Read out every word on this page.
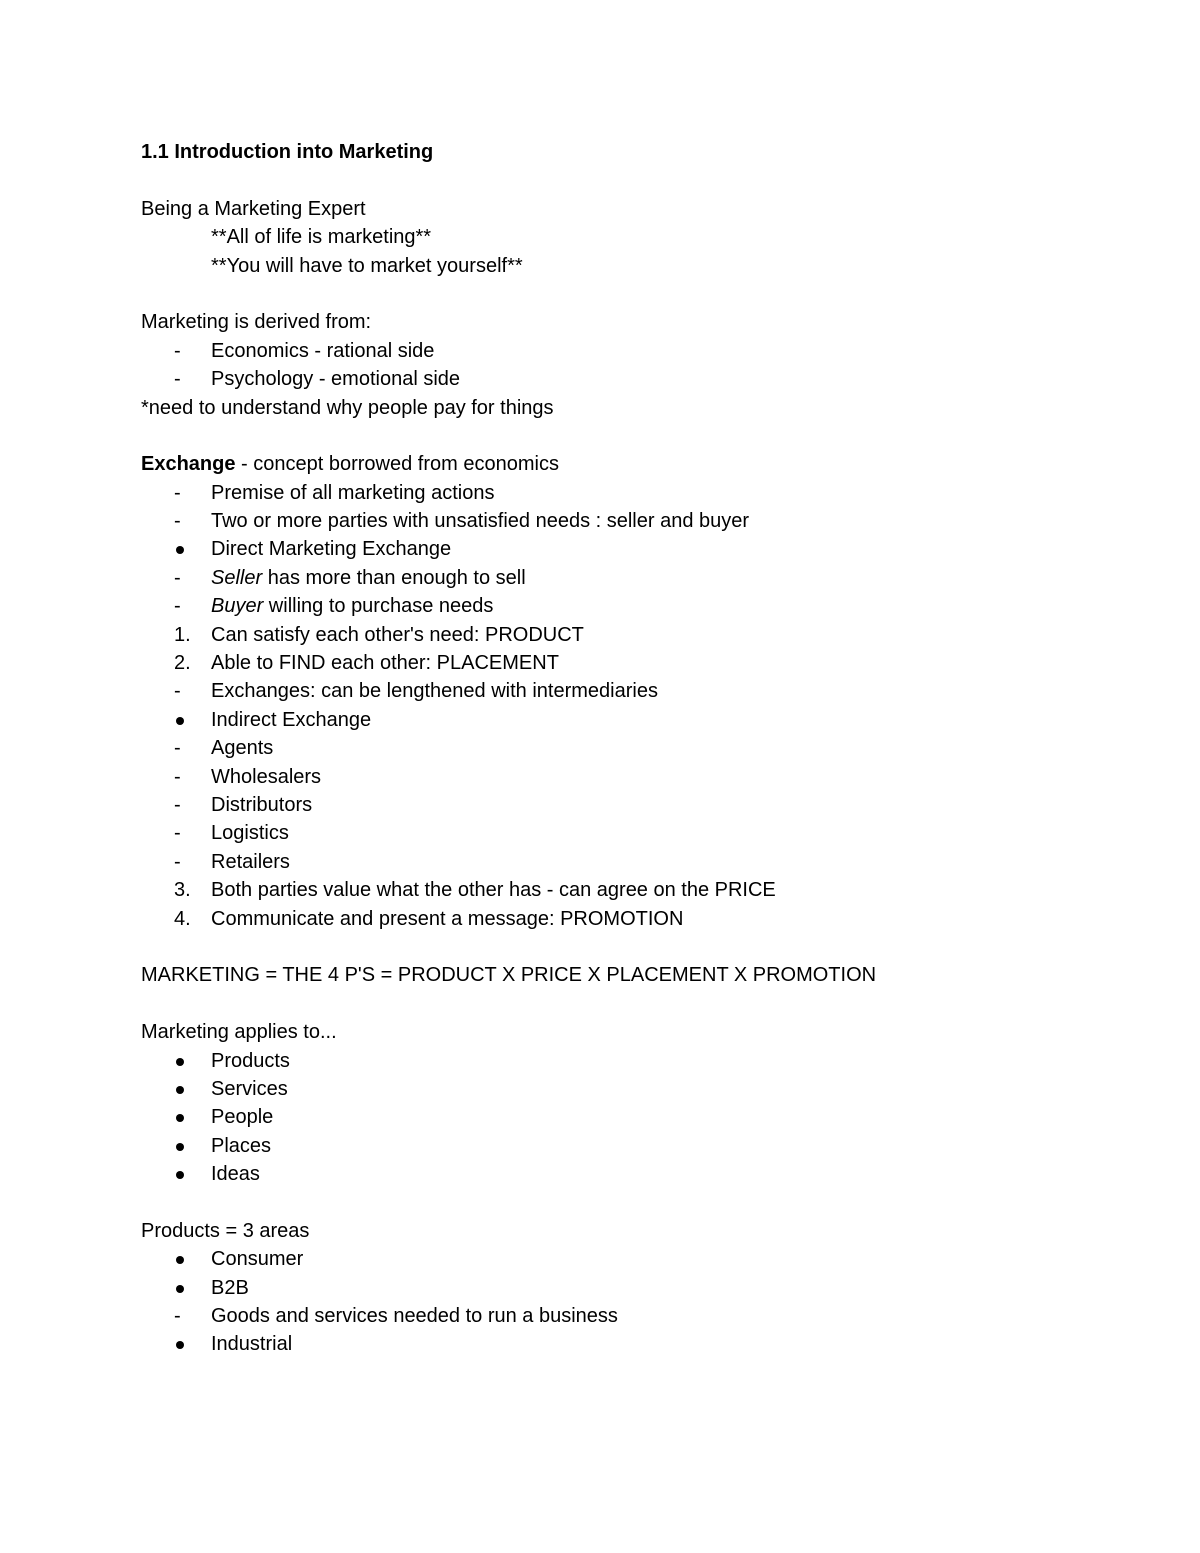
1.1 Introduction into Marketing
Being a Marketing Expert
**All of life is marketing**
**You will have to market yourself**
Marketing is derived from:
-
Economics - rational side
-
Psychology - emotional side
*need to understand why people pay for things
Exchange - concept borrowed from economics
-
Premise of all marketing actions
-
Two or more parties with unsatisfied needs : seller and buyer
Direct Marketing Exchange
-
Seller has more than enough to sell
-
Buyer willing to purchase needs
1.	Can satisfy each other's need: PRODUCT
2.	Able to FIND each other: PLACEMENT
-
Exchanges: can be lengthened with intermediaries
Indirect Exchange
-
Agents
-
Wholesalers
-
Distributors
-
Logistics
-
Retailers
3.	Both parties value what the other has - can agree on the PRICE
4.	Communicate and present a message: PROMOTION
MARKETING = THE 4 P'S = PRODUCT X PRICE X PLACEMENT X PROMOTION
Marketing applies to...
Products
Services
People
Places
Ideas
Products = 3 areas
Consumer
B2B
-
Goods and services needed to run a business
Industrial
